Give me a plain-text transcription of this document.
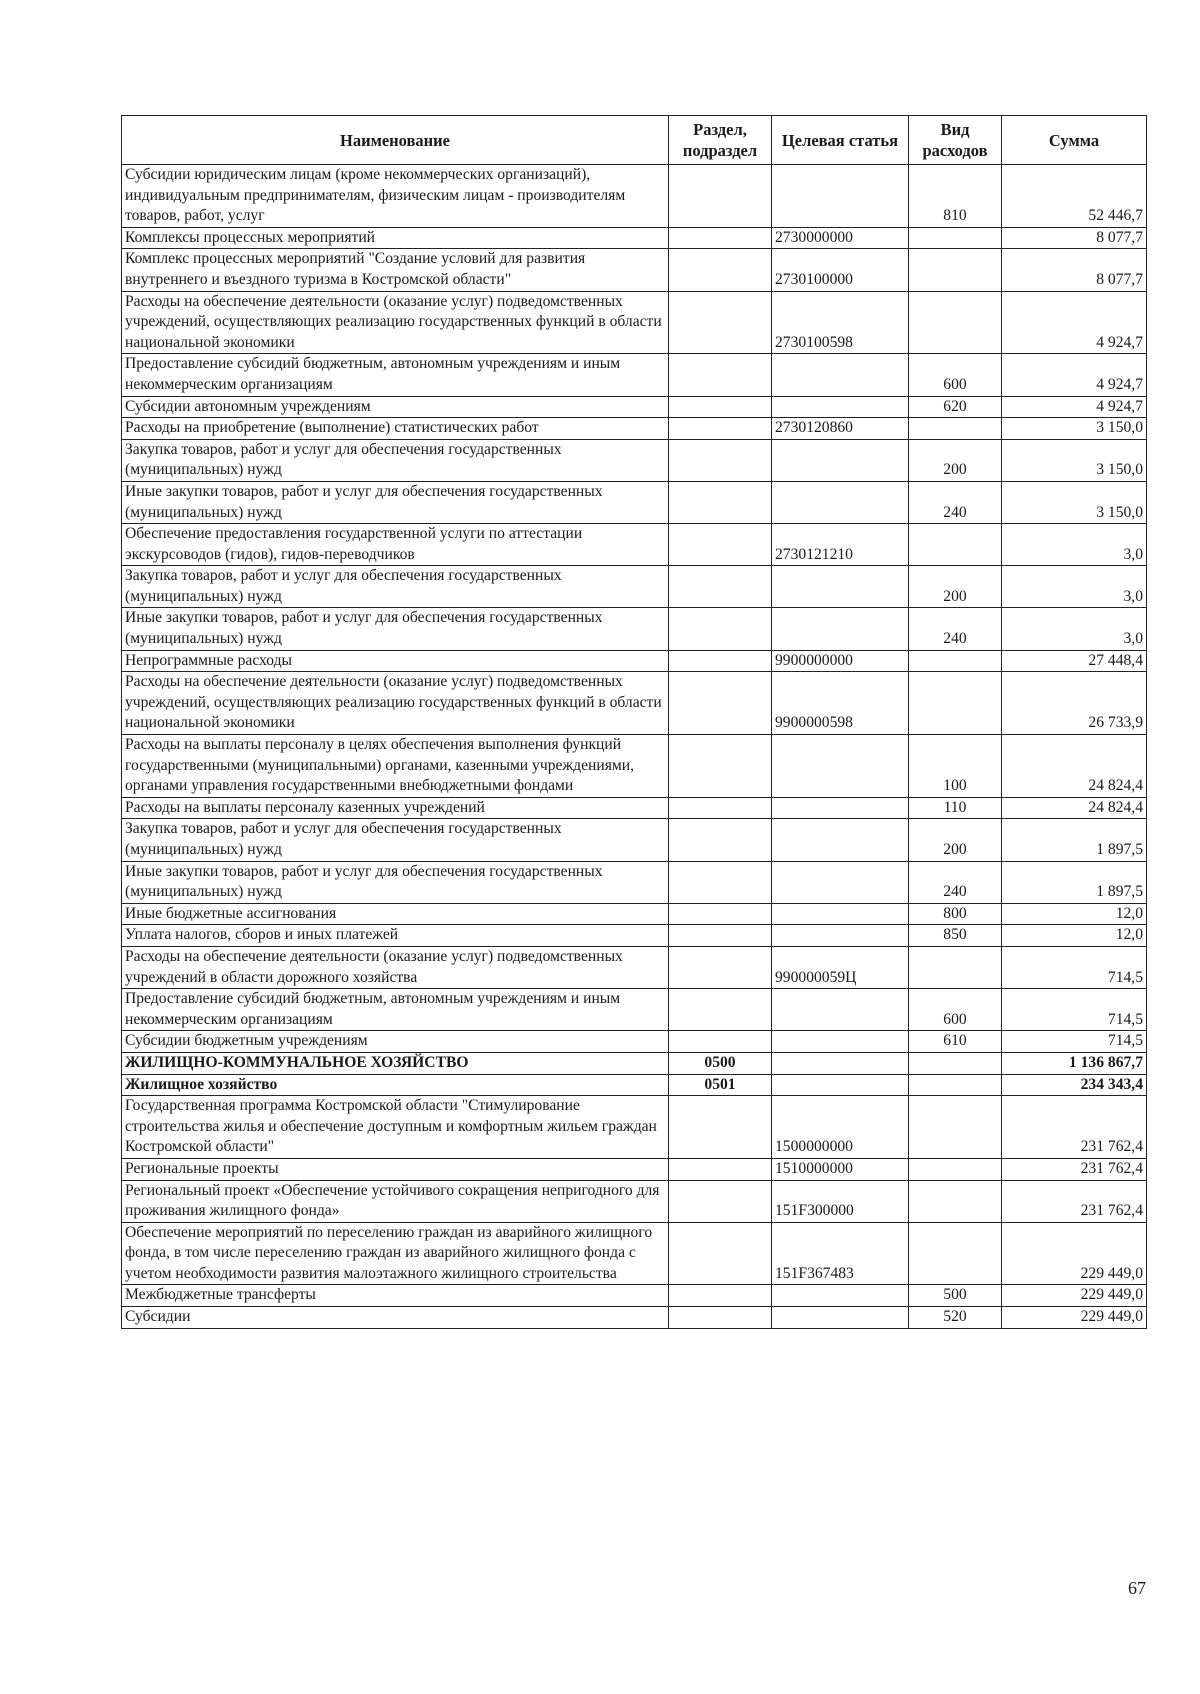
Наименование	Раздел, подраздел	Целевая статья	Вид расходов	Сумма
Субсидии юридическим лицам (кроме некоммерческих организаций), индивидуальным предпринимателям, физическим лицам - производителям товаров, работ, услуг			810	52 446,7
Комплексы процессных мероприятий		2730000000		8 077,7
Комплекс процессных мероприятий "Создание условий для развития внутреннего и въездного туризма в Костромской области"		2730100000		8 077,7
Расходы на обеспечение деятельности (оказание услуг) подведомственных учреждений, осуществляющих реализацию государственных функций в области национальной экономики		2730100598		4 924,7
Предоставление субсидий бюджетным, автономным учреждениям и иным некоммерческим организациям			600	4 924,7
Субсидии автономным учреждениям			620	4 924,7
Расходы на приобретение (выполнение) статистических работ		2730120860		3 150,0
Закупка товаров, работ и услуг для обеспечения государственных (муниципальных) нужд			200	3 150,0
Иные закупки товаров, работ и услуг для обеспечения государственных (муниципальных) нужд			240	3 150,0
Обеспечение предоставления государственной услуги по аттестации экскурсоводов (гидов), гидов-переводчиков		2730121210		3,0
Закупка товаров, работ и услуг для обеспечения государственных (муниципальных) нужд			200	3,0
Иные закупки товаров, работ и услуг для обеспечения государственных (муниципальных) нужд			240	3,0
Непрограммные расходы		9900000000		27 448,4
Расходы на обеспечение деятельности (оказание услуг) подведомственных учреждений, осуществляющих реализацию государственных функций в области национальной экономики		9900000598		26 733,9
Расходы на выплаты персоналу в целях обеспечения выполнения функций государственными (муниципальными) органами, казенными учреждениями, органами управления государственными внебюджетными фондами			100	24 824,4
Расходы на выплаты персоналу казенных учреждений			110	24 824,4
Закупка товаров, работ и услуг для обеспечения государственных (муниципальных) нужд			200	1 897,5
Иные закупки товаров, работ и услуг для обеспечения государственных (муниципальных) нужд			240	1 897,5
Иные бюджетные ассигнования			800	12,0
Уплата налогов, сборов и иных платежей			850	12,0
Расходы на обеспечение деятельности (оказание услуг) подведомственных учреждений в области дорожного хозяйства		990000059Ц		714,5
Предоставление субсидий бюджетным, автономным учреждениям и иным некоммерческим организациям			600	714,5
Субсидии бюджетным учреждениям			610	714,5
ЖИЛИЩНО-КОММУНАЛЬНОЕ ХОЗЯЙСТВО	0500			1 136 867,7
Жилищное хозяйство	0501			234 343,4
Государственная программа Костромской области "Стимулирование строительства жилья и обеспечение доступным и комфортным жильем граждан Костромской области"		1500000000		231 762,4
Региональные проекты		1510000000		231 762,4
Региональный проект «Обеспечение устойчивого сокращения непригодного для проживания жилищного фонда»		151F300000		231 762,4
Обеспечение мероприятий по переселению граждан из аварийного жилищного фонда, в том числе переселению граждан из аварийного жилищного фонда с учетом необходимости развития малоэтажного жилищного строительства		151F367483		229 449,0
Межбюджетные трансферты			500	229 449,0
Субсидии			520	229 449,0
67
